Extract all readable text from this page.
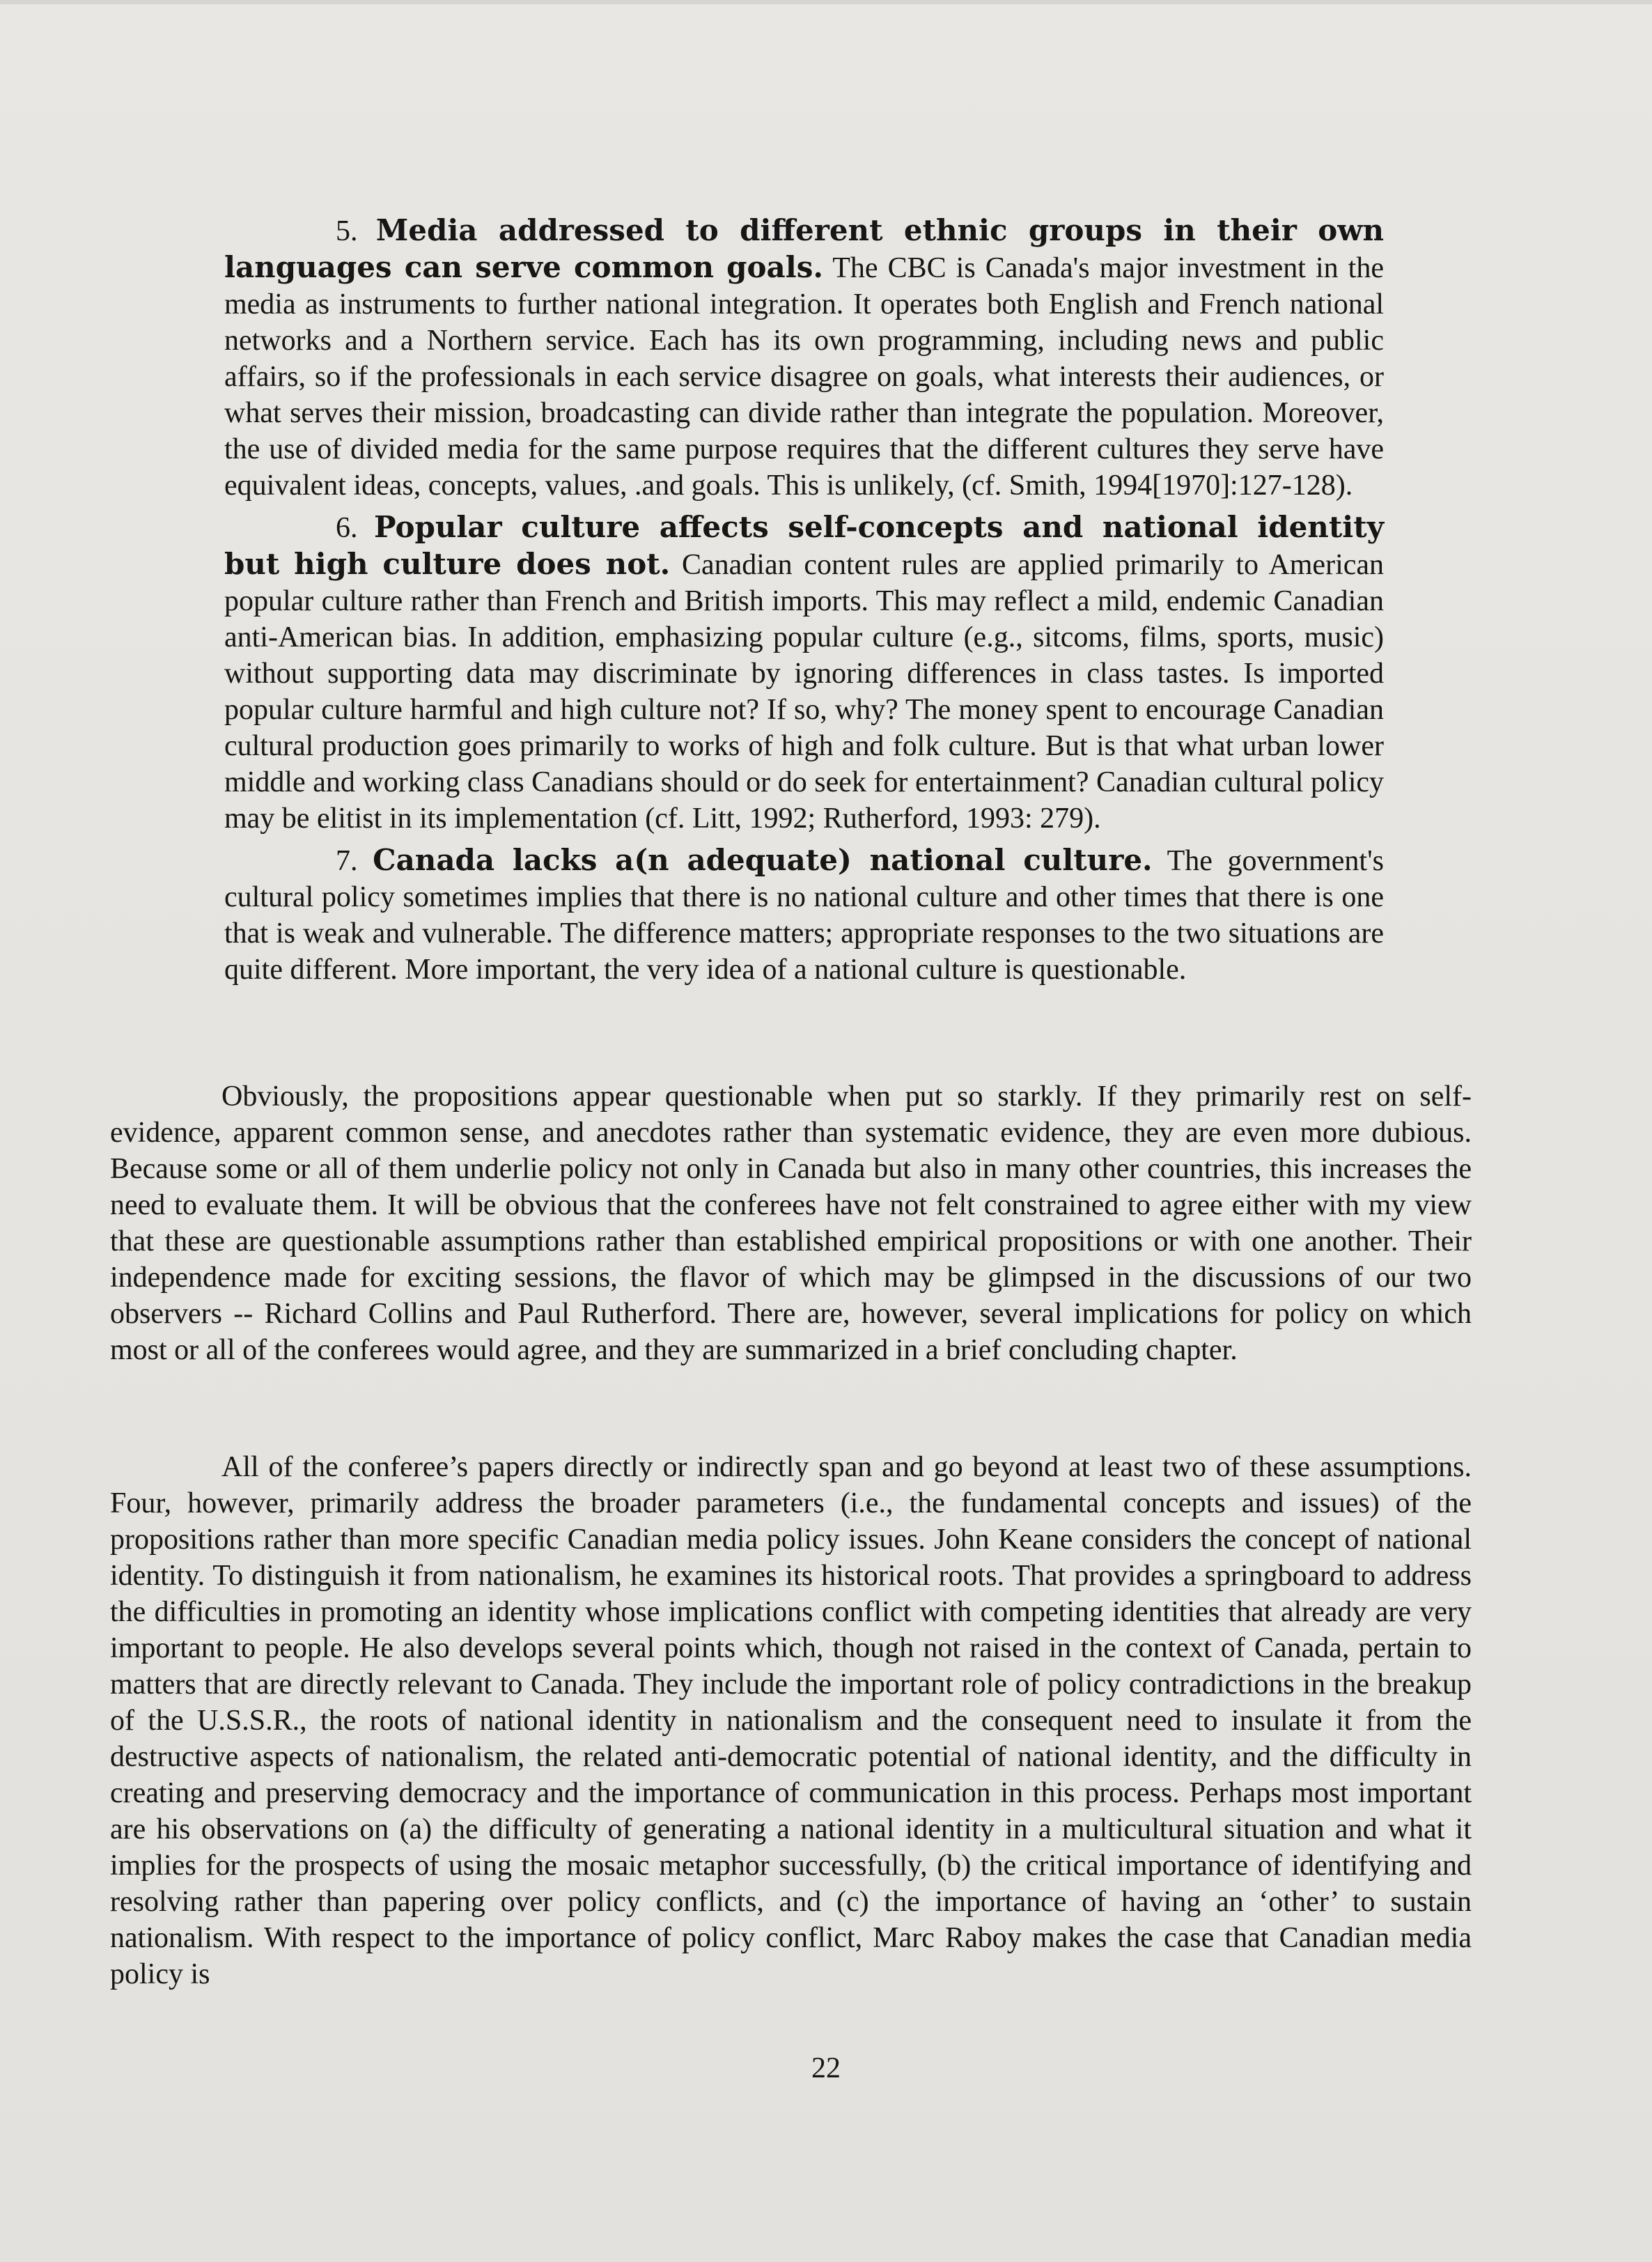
5. Media addressed to different ethnic groups in their own languages can serve common goals. The CBC is Canada's major investment in the media as instruments to further national integration. It operates both English and French national networks and a Northern service. Each has its own programming, including news and public affairs, so if the professionals in each service disagree on goals, what interests their audiences, or what serves their mission, broadcasting can divide rather than integrate the population. Moreover, the use of divided media for the same purpose requires that the different cultures they serve have equivalent ideas, concepts, values, .and goals. This is unlikely, (cf. Smith, 1994[1970]:127-128).

6. Popular culture affects self-concepts and national identity but high culture does not. Canadian content rules are applied primarily to American popular culture rather than French and British imports. This may reflect a mild, endemic Canadian anti-American bias. In addition, emphasizing popular culture (e.g., sitcoms, films, sports, music) without supporting data may discriminate by ignoring differences in class tastes. Is imported popular culture harmful and high culture not? If so, why? The money spent to encourage Canadian cultural production goes primarily to works of high and folk culture. But is that what urban lower middle and working class Canadians should or do seek for entertainment? Canadian cultural policy may be elitist in its implementation (cf. Litt, 1992; Rutherford, 1993: 279).

7. Canada lacks a(n adequate) national culture. The government's cultural policy sometimes implies that there is no national culture and other times that there is one that is weak and vulnerable. The difference matters; appropriate responses to the two situations are quite different. More important, the very idea of a national culture is questionable.

Obviously, the propositions appear questionable when put so starkly. If they primarily rest on self-evidence, apparent common sense, and anecdotes rather than systematic evidence, they are even more dubious. Because some or all of them underlie policy not only in Canada but also in many other countries, this increases the need to evaluate them. It will be obvious that the conferees have not felt constrained to agree either with my view that these are questionable assumptions rather than established empirical propositions or with one another. Their independence made for exciting sessions, the flavor of which may be glimpsed in the discussions of our two observers -- Richard Collins and Paul Rutherford. There are, however, several implications for policy on which most or all of the conferees would agree, and they are summarized in a brief concluding chapter.

All of the conferee’s papers directly or indirectly span and go beyond at least two of these assumptions. Four, however, primarily address the broader parameters (i.e., the fundamental concepts and issues) of the propositions rather than more specific Canadian media policy issues. John Keane considers the concept of national identity. To distinguish it from nationalism, he examines its historical roots. That provides a springboard to address the difficulties in promoting an identity whose implications conflict with competing identities that already are very important to people. He also develops several points which, though not raised in the context of Canada, pertain to matters that are directly relevant to Canada. They include the important role of policy contradictions in the breakup of the U.S.S.R., the roots of national identity in nationalism and the consequent need to insulate it from the destructive aspects of nationalism, the related anti-democratic potential of national identity, and the difficulty in creating and preserving democracy and the importance of communication in this process. Perhaps most important are his observations on (a) the difficulty of generating a national identity in a multicultural situation and what it implies for the prospects of using the mosaic metaphor successfully, (b) the critical importance of identifying and resolving rather than papering over policy conflicts, and (c) the importance of having an ‘other’ to sustain nationalism. With respect to the importance of policy conflict, Marc Raboy makes the case that Canadian media policy is

22
